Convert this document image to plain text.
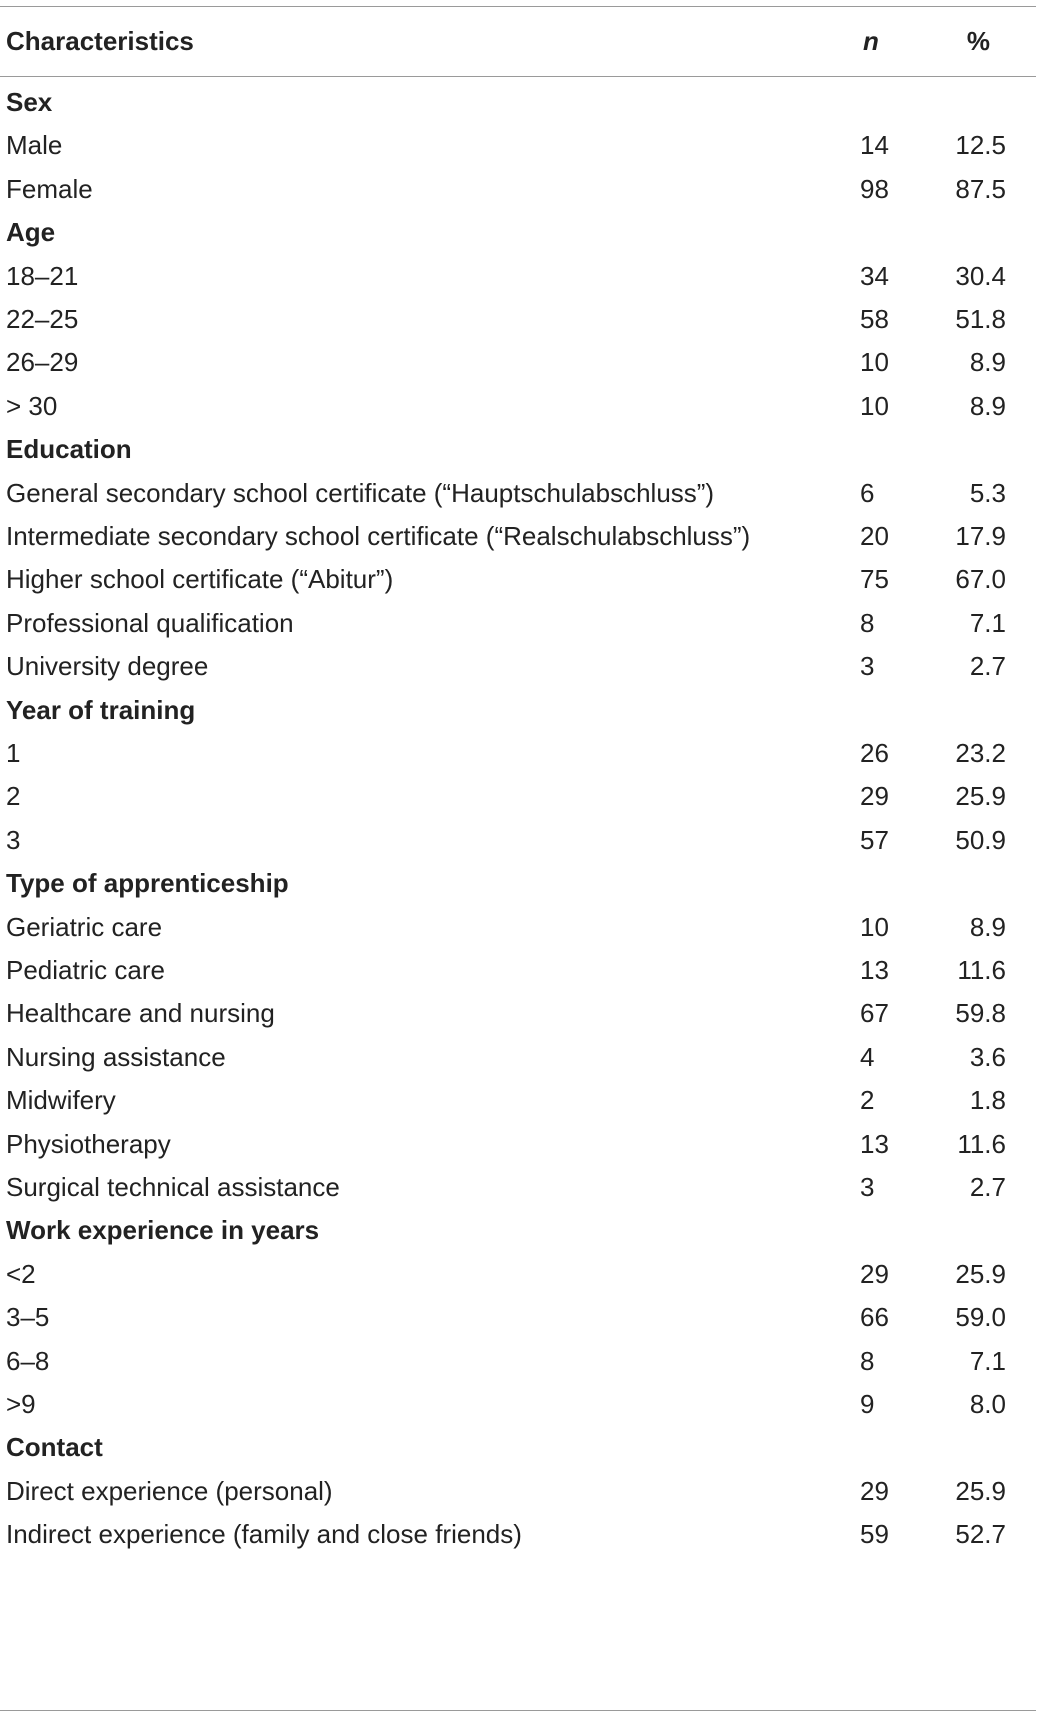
Characteristics	n	%
Sex
Male	14	12.5
Female	98	87.5
Age
18–21	34	30.4
22–25	58	51.8
26–29	10	8.9
> 30	10	8.9
Education
General secondary school certificate (“Hauptschulabschluss”)	6	5.3
Intermediate secondary school certificate (“Realschulabschluss”)	20	17.9
Higher school certificate (“Abitur”)	75	67.0
Professional qualification	8	7.1
University degree	3	2.7
Year of training
1	26	23.2
2	29	25.9
3	57	50.9
Type of apprenticeship
Geriatric care	10	8.9
Pediatric care	13	11.6
Healthcare and nursing	67	59.8
Nursing assistance	4	3.6
Midwifery	2	1.8
Physiotherapy	13	11.6
Surgical technical assistance	3	2.7
Work experience in years
<2	29	25.9
3–5	66	59.0
6–8	8	7.1
>9	9	8.0
Contact
Direct experience (personal)	29	25.9
Indirect experience (family and close friends)	59	52.7
